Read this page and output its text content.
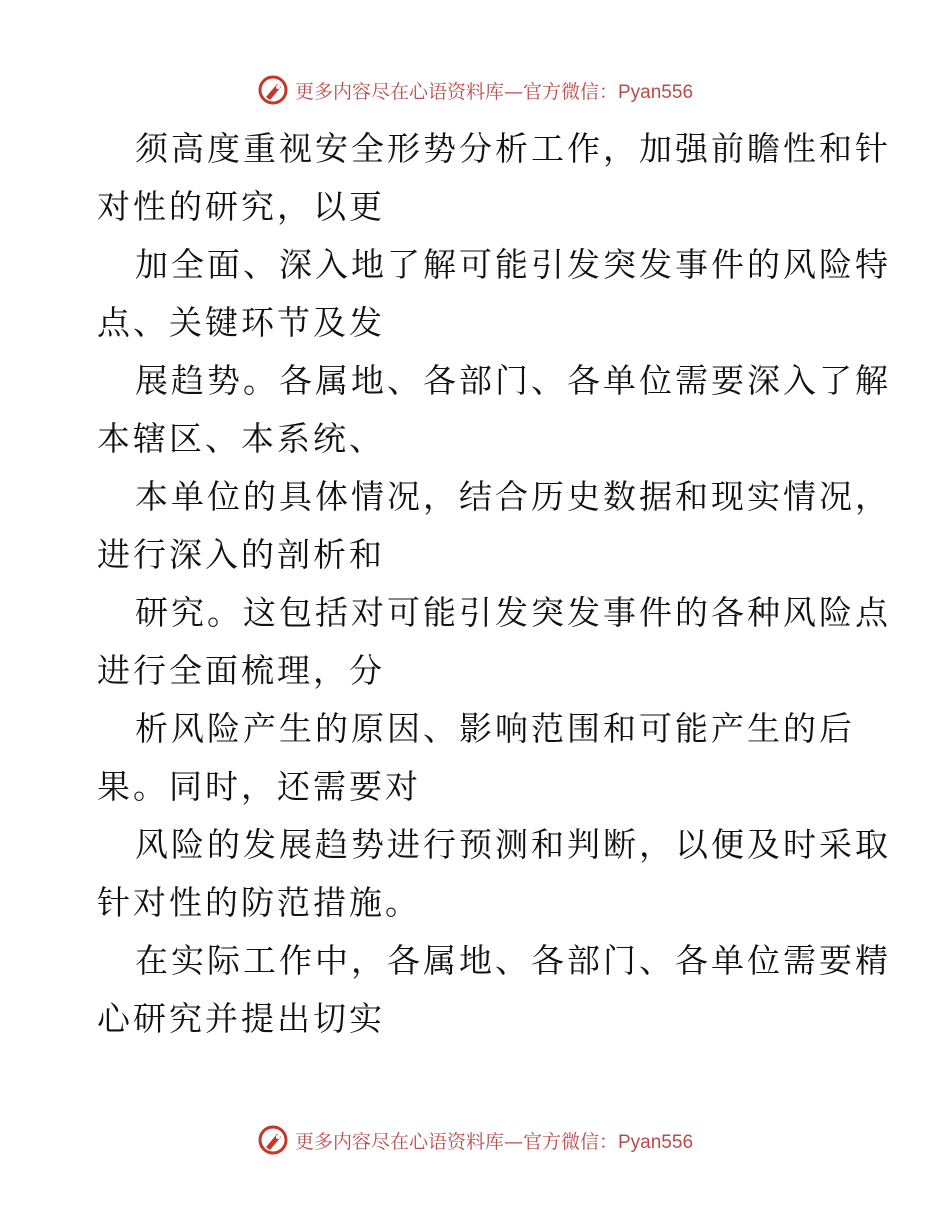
更多内容尽在心语资料库—官方微信：Pyan556

须高度重视安全形势分析工作，加强前瞻性和针
对性的研究，以更

加全面、深入地了解可能引发突发事件的风险特
点、关键环节及发

展趋势。各属地、各部门、各单位需要深入了解
本辖区、本系统、

本单位的具体情况，结合历史数据和现实情况，
进行深入的剖析和

研究。这包括对可能引发突发事件的各种风险点
进行全面梳理，分

析风险产生的原因、影响范围和可能产生的后
果。同时，还需要对

风险的发展趋势进行预测和判断，以便及时采取
针对性的防范措施。

在实际工作中，各属地、各部门、各单位需要精
心研究并提出切实

更多内容尽在心语资料库—官方微信：Pyan556
